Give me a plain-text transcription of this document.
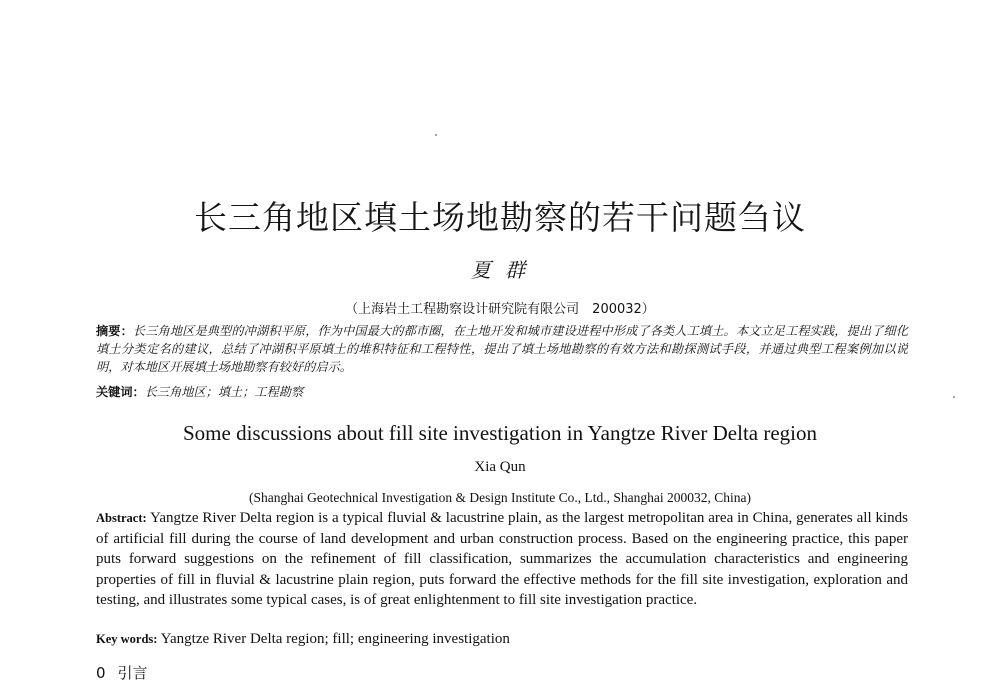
长三角地区填土场地勘察的若干问题刍议
夏 群
（上海岩土工程勘察设计研究院有限公司　200032）
摘要：长三角地区是典型的冲湖积平原，作为中国最大的都市圈，在土地开发和城市建设进程中形成了各类人工填土。本文立足工程实践，提出了细化填土分类定名的建议，总结了冲湖积平原填土的堆积特征和工程特性，提出了填土场地勘察的有效方法和勘探测试手段，并通过典型工程案例加以说明，对本地区开展填土场地勘察有较好的启示。
关键词：长三角地区；填土；工程勘察
Some discussions about fill site investigation in Yangtze River Delta region
Xia Qun
(Shanghai Geotechnical Investigation & Design Institute Co., Ltd., Shanghai 200032, China)
Abstract: Yangtze River Delta region is a typical fluvial & lacustrine plain, as the largest metropolitan area in China, generates all kinds of artificial fill during the course of land development and urban construction process. Based on the engineering practice, this paper puts forward suggestions on the refinement of fill classification, summarizes the accumulation characteristics and engineering properties of fill in fluvial & lacustrine plain region, puts forward the effective methods for the fill site investigation, exploration and testing, and illustrates some typical cases, is of great enlightenment to fill site investigation practice.
Key words: Yangtze River Delta region; fill; engineering investigation
0 引言
